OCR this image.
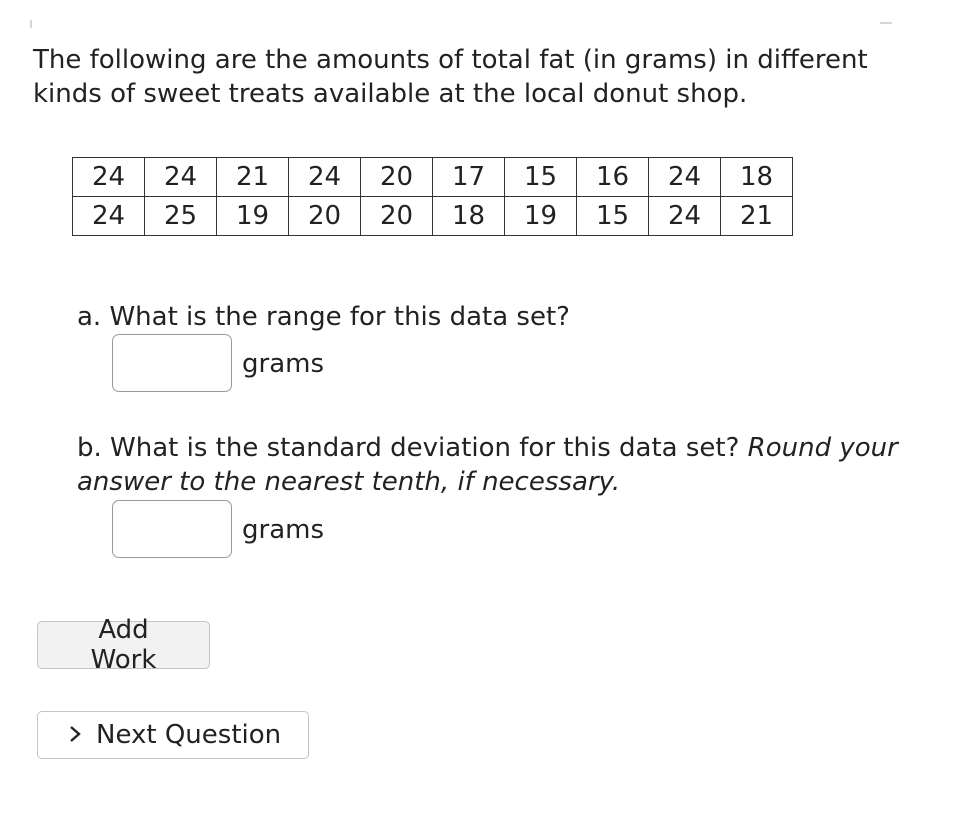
The following are the amounts of total fat (in grams) in different kinds of sweet treats available at the local donut shop.

24	24	21	24	20	17	15	16	24	18
24	25	19	20	20	18	19	15	24	21

a. What is the range for this data set?

grams

b. What is the standard deviation for this data set? Round your answer to the nearest tenth, if necessary.

grams
Add Work
Next Question
